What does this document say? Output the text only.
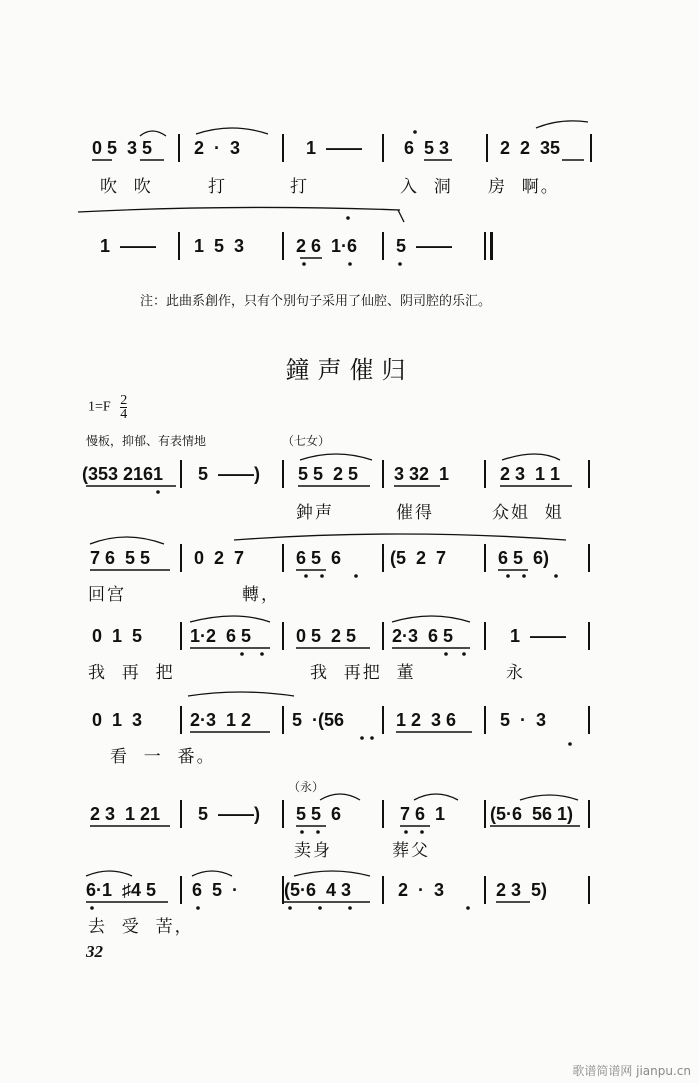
0 5  3 5 2  ·  3	1  —— 6  5 3	2  2  35
吹  吹	打	打	入  洞 房  啊。
1  —— 1  5  3	2 6  1·6 5  ——
注：此曲系創作，只有个別句子采用了仙腔、阴司腔的乐汇。
鐘声催归
$1=F \frac{2}{4}$
慢板，抑郁、有表情地	（七女）
(353 2161 5  ——) 5 5  2 5 3 32  1	2 3  1 1
鈡声	催得	众姐  姐
7 6  5 5 0  2  7	6 5  6	(5  2  7	6 5  6)
回宫	轉，
0  1  5	1·2  6 5 0 5  2 5 2·3  6 5	1  ——
我  再  把	我  再把  董	永
0  1  3	2·3  1 2 5  ·(56	1 2  3 6 5  ·  3
看  一  番。
（永）
2 3  1 21 5  ——) 5 5  6	7 6  1 (5·6  56 1)
卖身	葬父
6·1  ♯4 5 6  5  ·	(5·6  4 3	2  ·  3	2 3  5)
去  受  苦，
32
歌谱简谱网 jianpu.cn
